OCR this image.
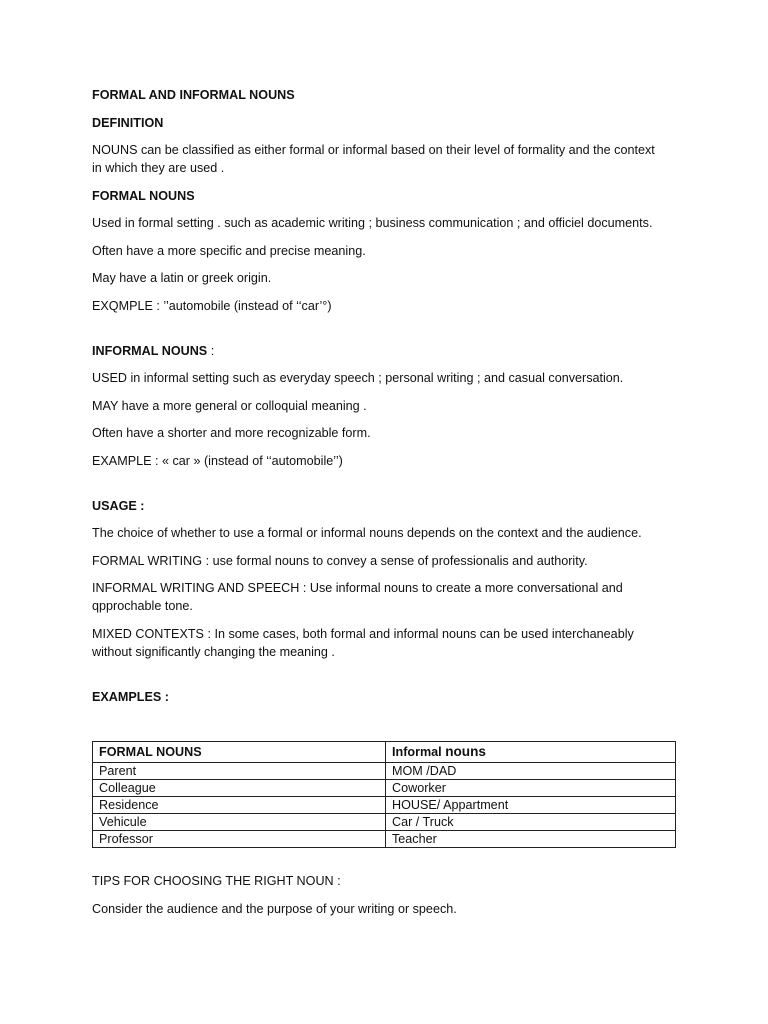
FORMAL AND INFORMAL NOUNS

DEFINITION

NOUNS can be classified as either formal or informal based on their level of formality and the context

in which they are used .

FORMAL NOUNS

Used in formal setting . such as academic writing ; business communication ; and officiel documents.

Often have a more specific and precise meaning.

May have a latin or greek origin.

EXQMPLE : ’’automobile (instead of ‘‘car’°)

INFORMAL NOUNS :

USED in informal setting such as everyday speech ; personal writing ; and casual conversation.

MAY have a more general or colloquial meaning .

Often have a shorter and more recognizable form.

EXAMPLE : « car » (instead of ‘‘automobile’’)

USAGE :

The choice of whether to use a formal or informal nouns depends on the context and the audience.

FORMAL WRITING : use formal nouns to convey a sense of professionalis and authority.

INFORMAL WRITING AND SPEECH : Use informal nouns to create a more conversational and

qpprochable tone.

MIXED CONTEXTS : In some cases, both formal and informal nouns can be used interchaneably

without significantly changing the meaning .

EXAMPLES :

FORMAL NOUNS	Informal nouns
Parent	MOM /DAD
Colleague	Coworker
Residence	HOUSE/ Appartment
Vehicule	Car / Truck
Professor	Teacher

TIPS FOR CHOOSING THE RIGHT NOUN :

Consider the audience and the purpose of your writing or speech.
